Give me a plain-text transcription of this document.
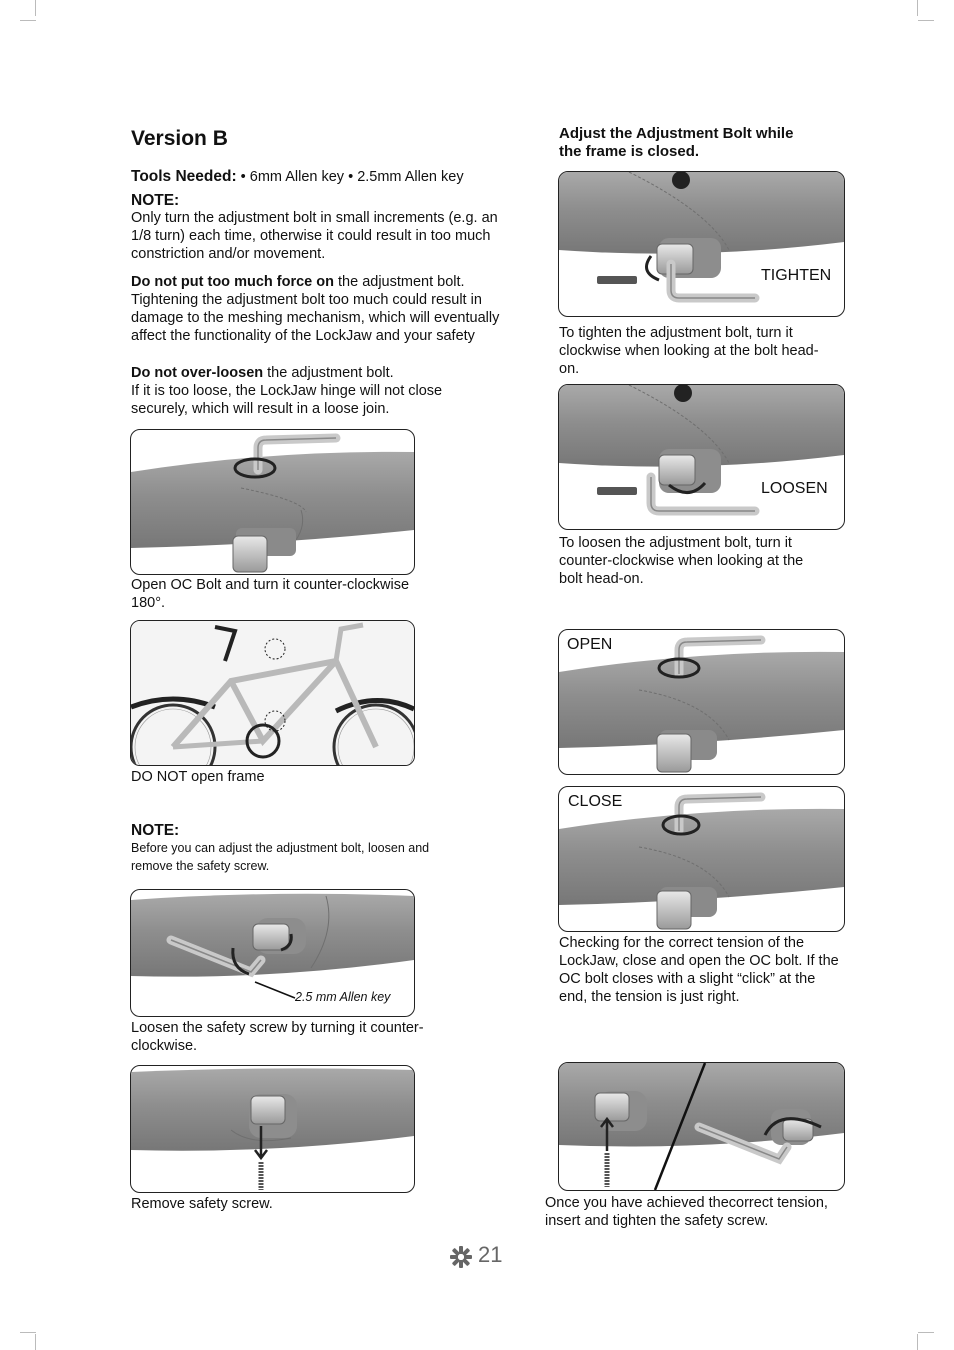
Version B
Tools Needed: • 6mm Allen key • 2.5mm Allen key
NOTE:
Only turn the adjustment bolt in small increments (e.g. an 1/8 turn) each time, otherwise it could result in too much constriction and/or movement.
Do not put too much force on the adjustment bolt. Tightening the adjustment bolt too much could result in damage to the meshing mechanism, which will eventually affect the functionality of the LockJaw and your safety
Do not over-loosen the adjustment bolt.
If it is too loose, the LockJaw hinge will not close securely, which will result in a loose join.
Open OC Bolt and turn it counter-clockwise 180°.
DO NOT open frame
NOTE:
Before you can adjust the adjustment bolt, loosen and remove the safety screw.
2.5 mm Allen key
Loosen the safety screw by turning it counter-clockwise.
Remove safety screw.
Adjust the Adjustment Bolt while the frame is closed.
TIGHTEN
To tighten the adjustment bolt, turn it clockwise when looking at the bolt head-on.
LOOSEN
To loosen the adjustment bolt, turn it counter-clockwise when looking at the bolt head-on.
OPEN
CLOSE
Checking for the correct tension of the LockJaw, close and open the OC bolt. If the OC bolt closes with a slight “click” at the end, the tension is just right.
Once you have achieved thecorrect tension, insert and tighten the safety screw.
21
